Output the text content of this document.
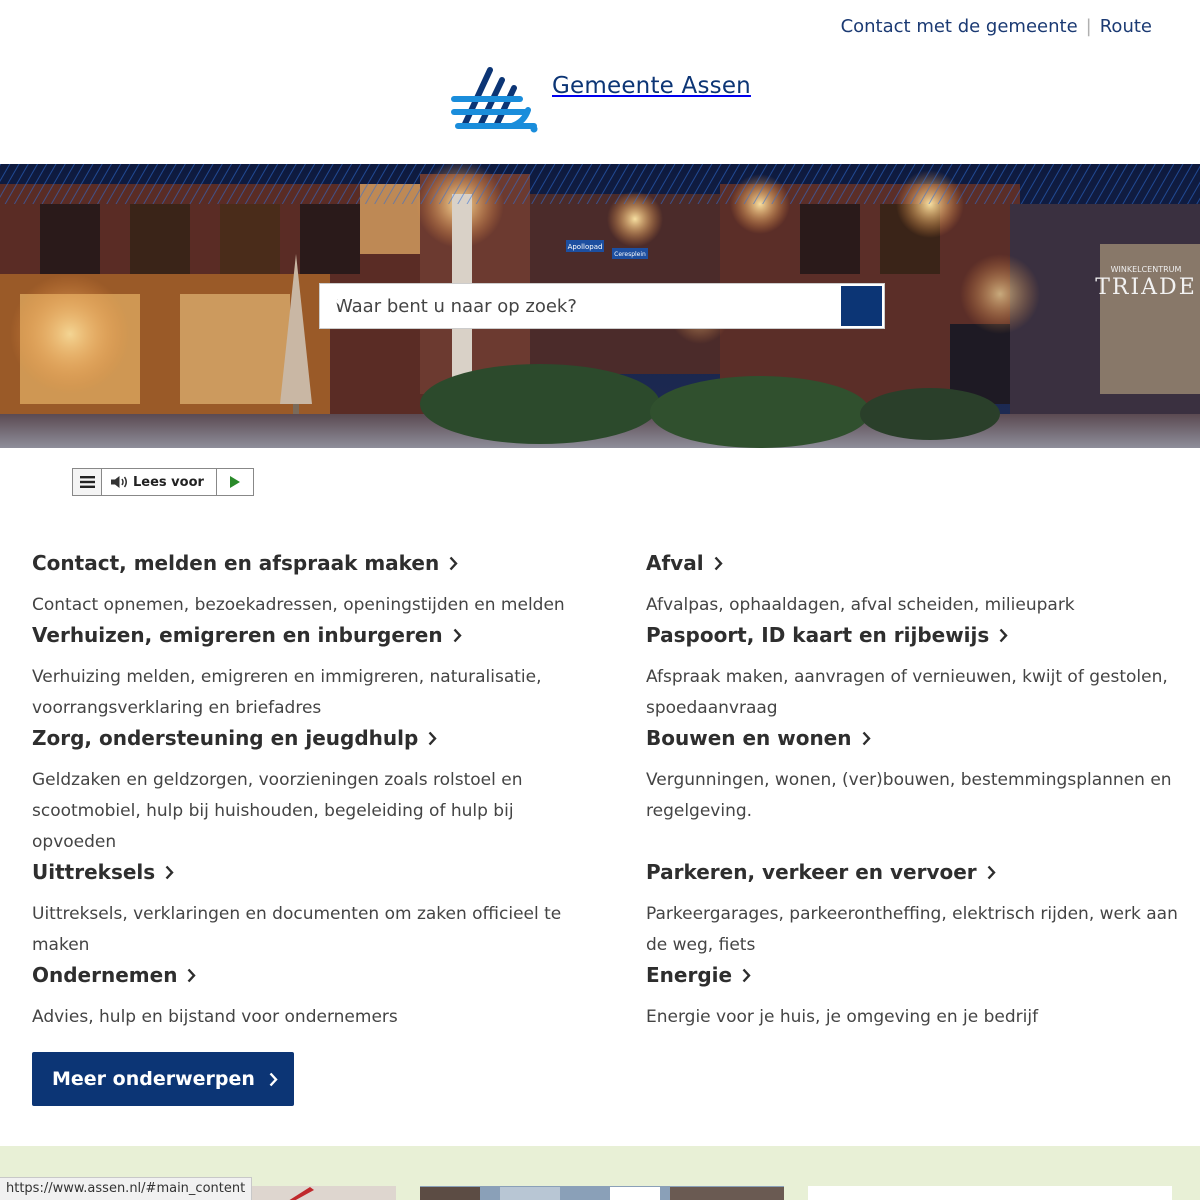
Contact met de gemeente | Route
Gemeente Assen
Apollopad
Ceresplein
WINKELCENTRUM
TRIADE
Waar bent u naar op zoek?
Lees voor
Contact, melden en afspraak maken

Contact opnemen, bezoekadressen, openingstijden en melden

Afval

Afvalpas, ophaaldagen, afval scheiden, milieupark

Verhuizen, emigreren en inburgeren

Verhuizing melden, emigreren en immigreren, naturalisatie, voorrangsverklaring en briefadres

Paspoort, ID kaart en rijbewijs

Afspraak maken, aanvragen of vernieuwen, kwijt of gestolen, spoedaanvraag

Zorg, ondersteuning en jeugdhulp

Geldzaken en geldzorgen, voorzieningen zoals rolstoel en scootmobiel, hulp bij huishouden, begeleiding of hulp bij opvoeden

Bouwen en wonen

Vergunningen, wonen, (ver)bouwen, bestemmingsplannen en regelgeving.

Uittreksels

Uittreksels, verklaringen en documenten om zaken officieel te maken

Parkeren, verkeer en vervoer

Parkeergarages, parkeerontheffing, elektrisch rijden, werk aan de weg, fiets

Ondernemen

Advies, hulp en bijstand voor ondernemers

Energie

Energie voor je huis, je omgeving en je bedrijf

Meer onderwerpen
https://www.assen.nl/#main_content
